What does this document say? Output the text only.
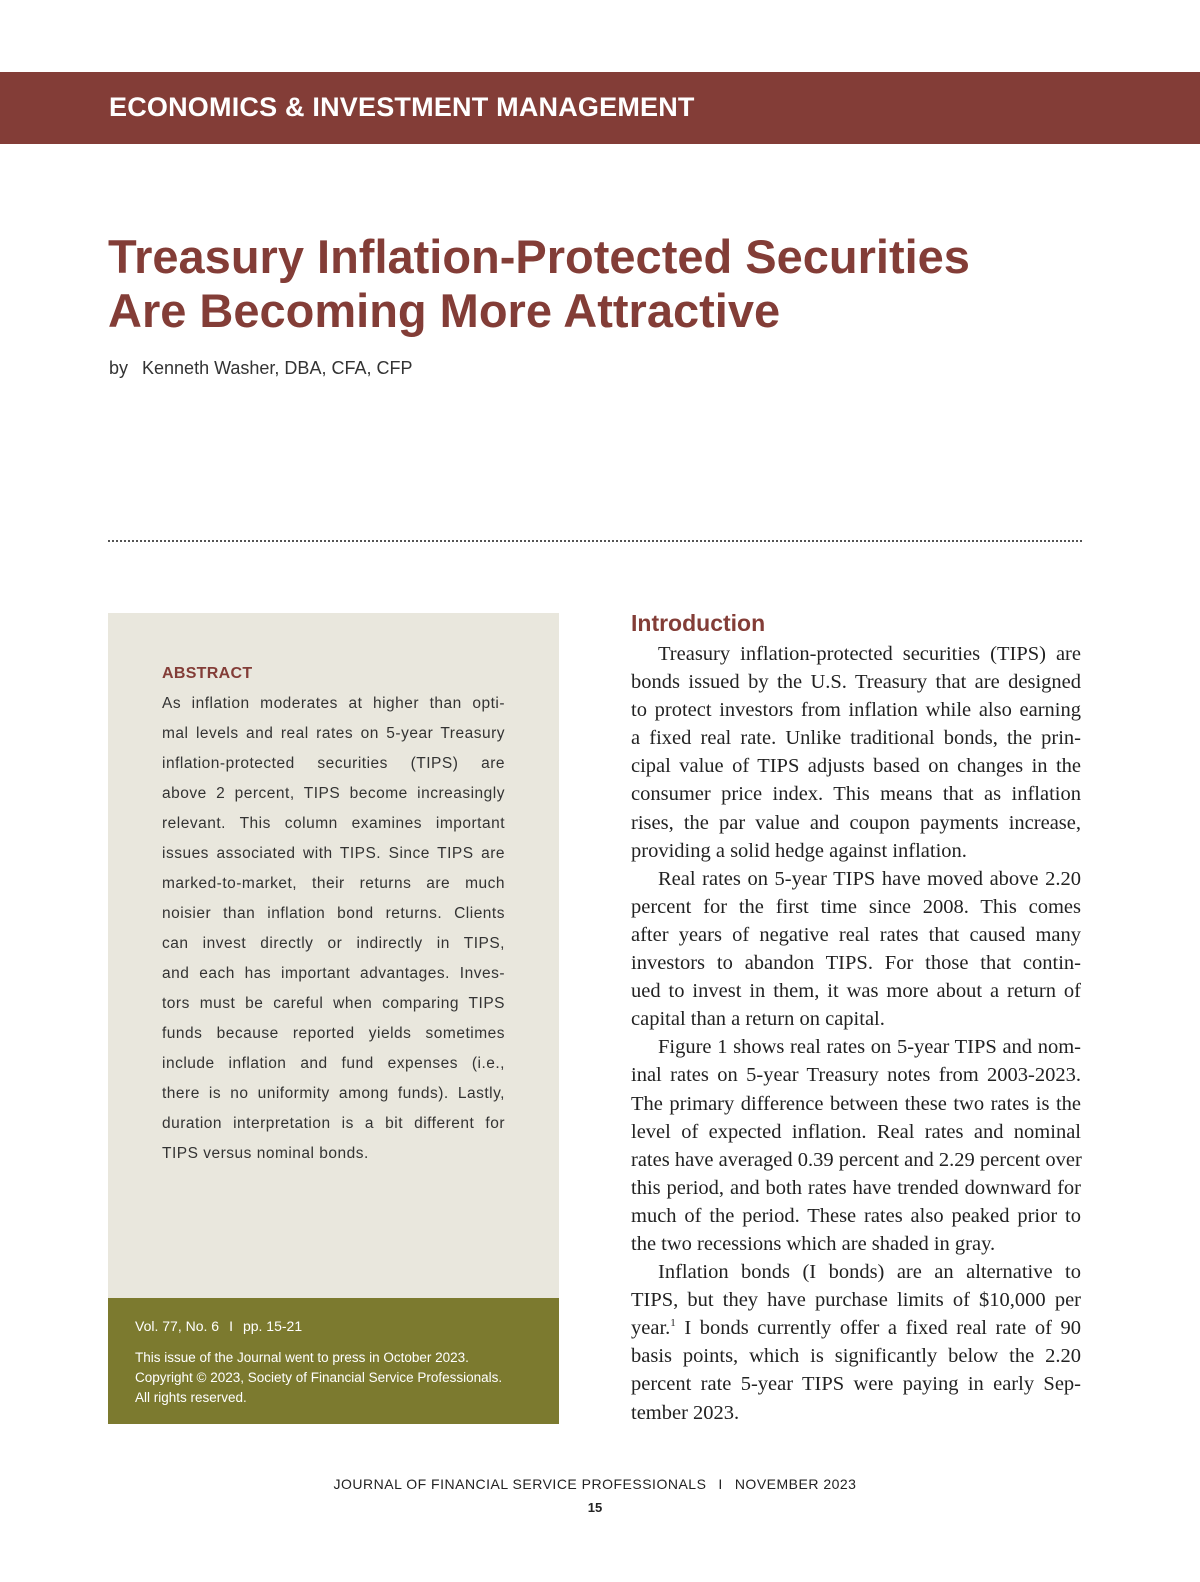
ECONOMICS & INVESTMENT MANAGEMENT
Treasury Inflation-Protected Securities
Are Becoming More Attractive
by Kenneth Washer, DBA, CFA, CFP
ABSTRACT
As inflation moderates at higher than opti-
mal levels and real rates on 5-year Treasury
inflation-protected securities (TIPS) are
above 2 percent, TIPS become increasingly
relevant. This column examines important
issues associated with TIPS. Since TIPS are
marked-to-market, their returns are much
noisier than inflation bond returns. Clients
can invest directly or indirectly in TIPS,
and each has important advantages. Inves-
tors must be careful when comparing TIPS
funds because reported yields sometimes
include inflation and fund expenses (i.e.,
there is no uniformity among funds). Lastly,
duration interpretation is a bit different for
TIPS versus nominal bonds.
Vol. 77, No. 6 I pp. 15-21
This issue of the Journal went to press in October 2023.
Copyright © 2023, Society of Financial Service Professionals.
All rights reserved.
Introduction
Treasury inflation-protected securities (TIPS) are
bonds issued by the U.S. Treasury that are designed
to protect investors from inflation while also earning
a fixed real rate. Unlike traditional bonds, the prin-
cipal value of TIPS adjusts based on changes in the
consumer price index. This means that as inflation
rises, the par value and coupon payments increase,
providing a solid hedge against inflation.
Real rates on 5-year TIPS have moved above 2.20
percent for the first time since 2008. This comes
after years of negative real rates that caused many
investors to abandon TIPS. For those that contin-
ued to invest in them, it was more about a return of
capital than a return on capital.
Figure 1 shows real rates on 5-year TIPS and nom-
inal rates on 5-year Treasury notes from 2003-2023.
The primary difference between these two rates is the
level of expected inflation. Real rates and nominal
rates have averaged 0.39 percent and 2.29 percent over
this period, and both rates have trended downward for
much of the period. These rates also peaked prior to
the two recessions which are shaded in gray.
Inflation bonds (I bonds) are an alternative to
TIPS, but they have purchase limits of $10,000 per
year.$^1$ I bonds currently offer a fixed real rate of 90
basis points, which is significantly below the 2.20
percent rate 5-year TIPS were paying in early Sep-
tember 2023.
JOURNAL OF FINANCIAL SERVICE PROFESSIONALS I NOVEMBER 2023
15
